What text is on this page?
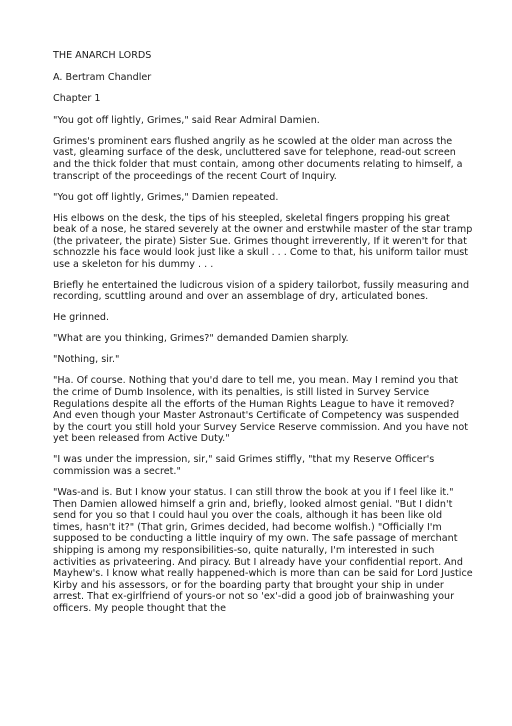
THE ANARCH LORDS

A. Bertram Chandler

Chapter 1

"You got off lightly, Grimes," said Rear Admiral Damien.

Grimes's prominent ears flushed angrily as he scowled at the older man across the vast, gleaming surface of the desk, uncluttered save for telephone, read-out screen and the thick folder that must contain, among other documents relating to himself, a transcript of the proceedings of the recent Court of Inquiry.

"You got off lightly, Grimes," Damien repeated.

His elbows on the desk, the tips of his steepled, skeletal fingers propping his great beak of a nose, he stared severely at the owner and erstwhile master of the star tramp (the privateer, the pirate) Sister Sue. Grimes thought irreverently, If it weren't for that schnozzle his face would look just like a skull . . . Come to that, his uniform tailor must use a skeleton for his dummy . . .

Briefly he entertained the ludicrous vision of a spidery tailorbot, fussily measuring and recording, scuttling around and over an assemblage of dry, articulated bones.

He grinned.

"What are you thinking, Grimes?" demanded Damien sharply.

"Nothing, sir."

"Ha. Of course. Nothing that you'd dare to tell me, you mean. May I remind you that the crime of Dumb Insolence, with its penalties, is still listed in Survey Service Regulations despite all the efforts of the Human Rights League to have it removed? And even though your Master Astronaut's Certificate of Competency was suspended by the court you still hold your Survey Service Reserve commission. And you have not yet been released from Active Duty."

"I was under the impression, sir," said Grimes stiffly, "that my Reserve Officer's commission was a secret."

"Was-and is. But I know your status. I can still throw the book at you if I feel like it." Then Damien allowed himself a grin and, briefly, looked almost genial. "But I didn't send for you so that I could haul you over the coals, although it has been like old times, hasn't it?" (That grin, Grimes decided, had become wolfish.) "Officially I'm supposed to be conducting a little inquiry of my own. The safe passage of merchant shipping is among my responsibilities-so, quite naturally, I'm interested in such activities as privateering. And piracy. But I already have your confidential report. And Mayhew's. I know what really happened-which is more than can be said for Lord Justice Kirby and his assessors, or for the boarding party that brought your ship in under arrest. That ex-girlfriend of yours-or not so 'ex'-did a good job of brainwashing your officers. My people thought that the
